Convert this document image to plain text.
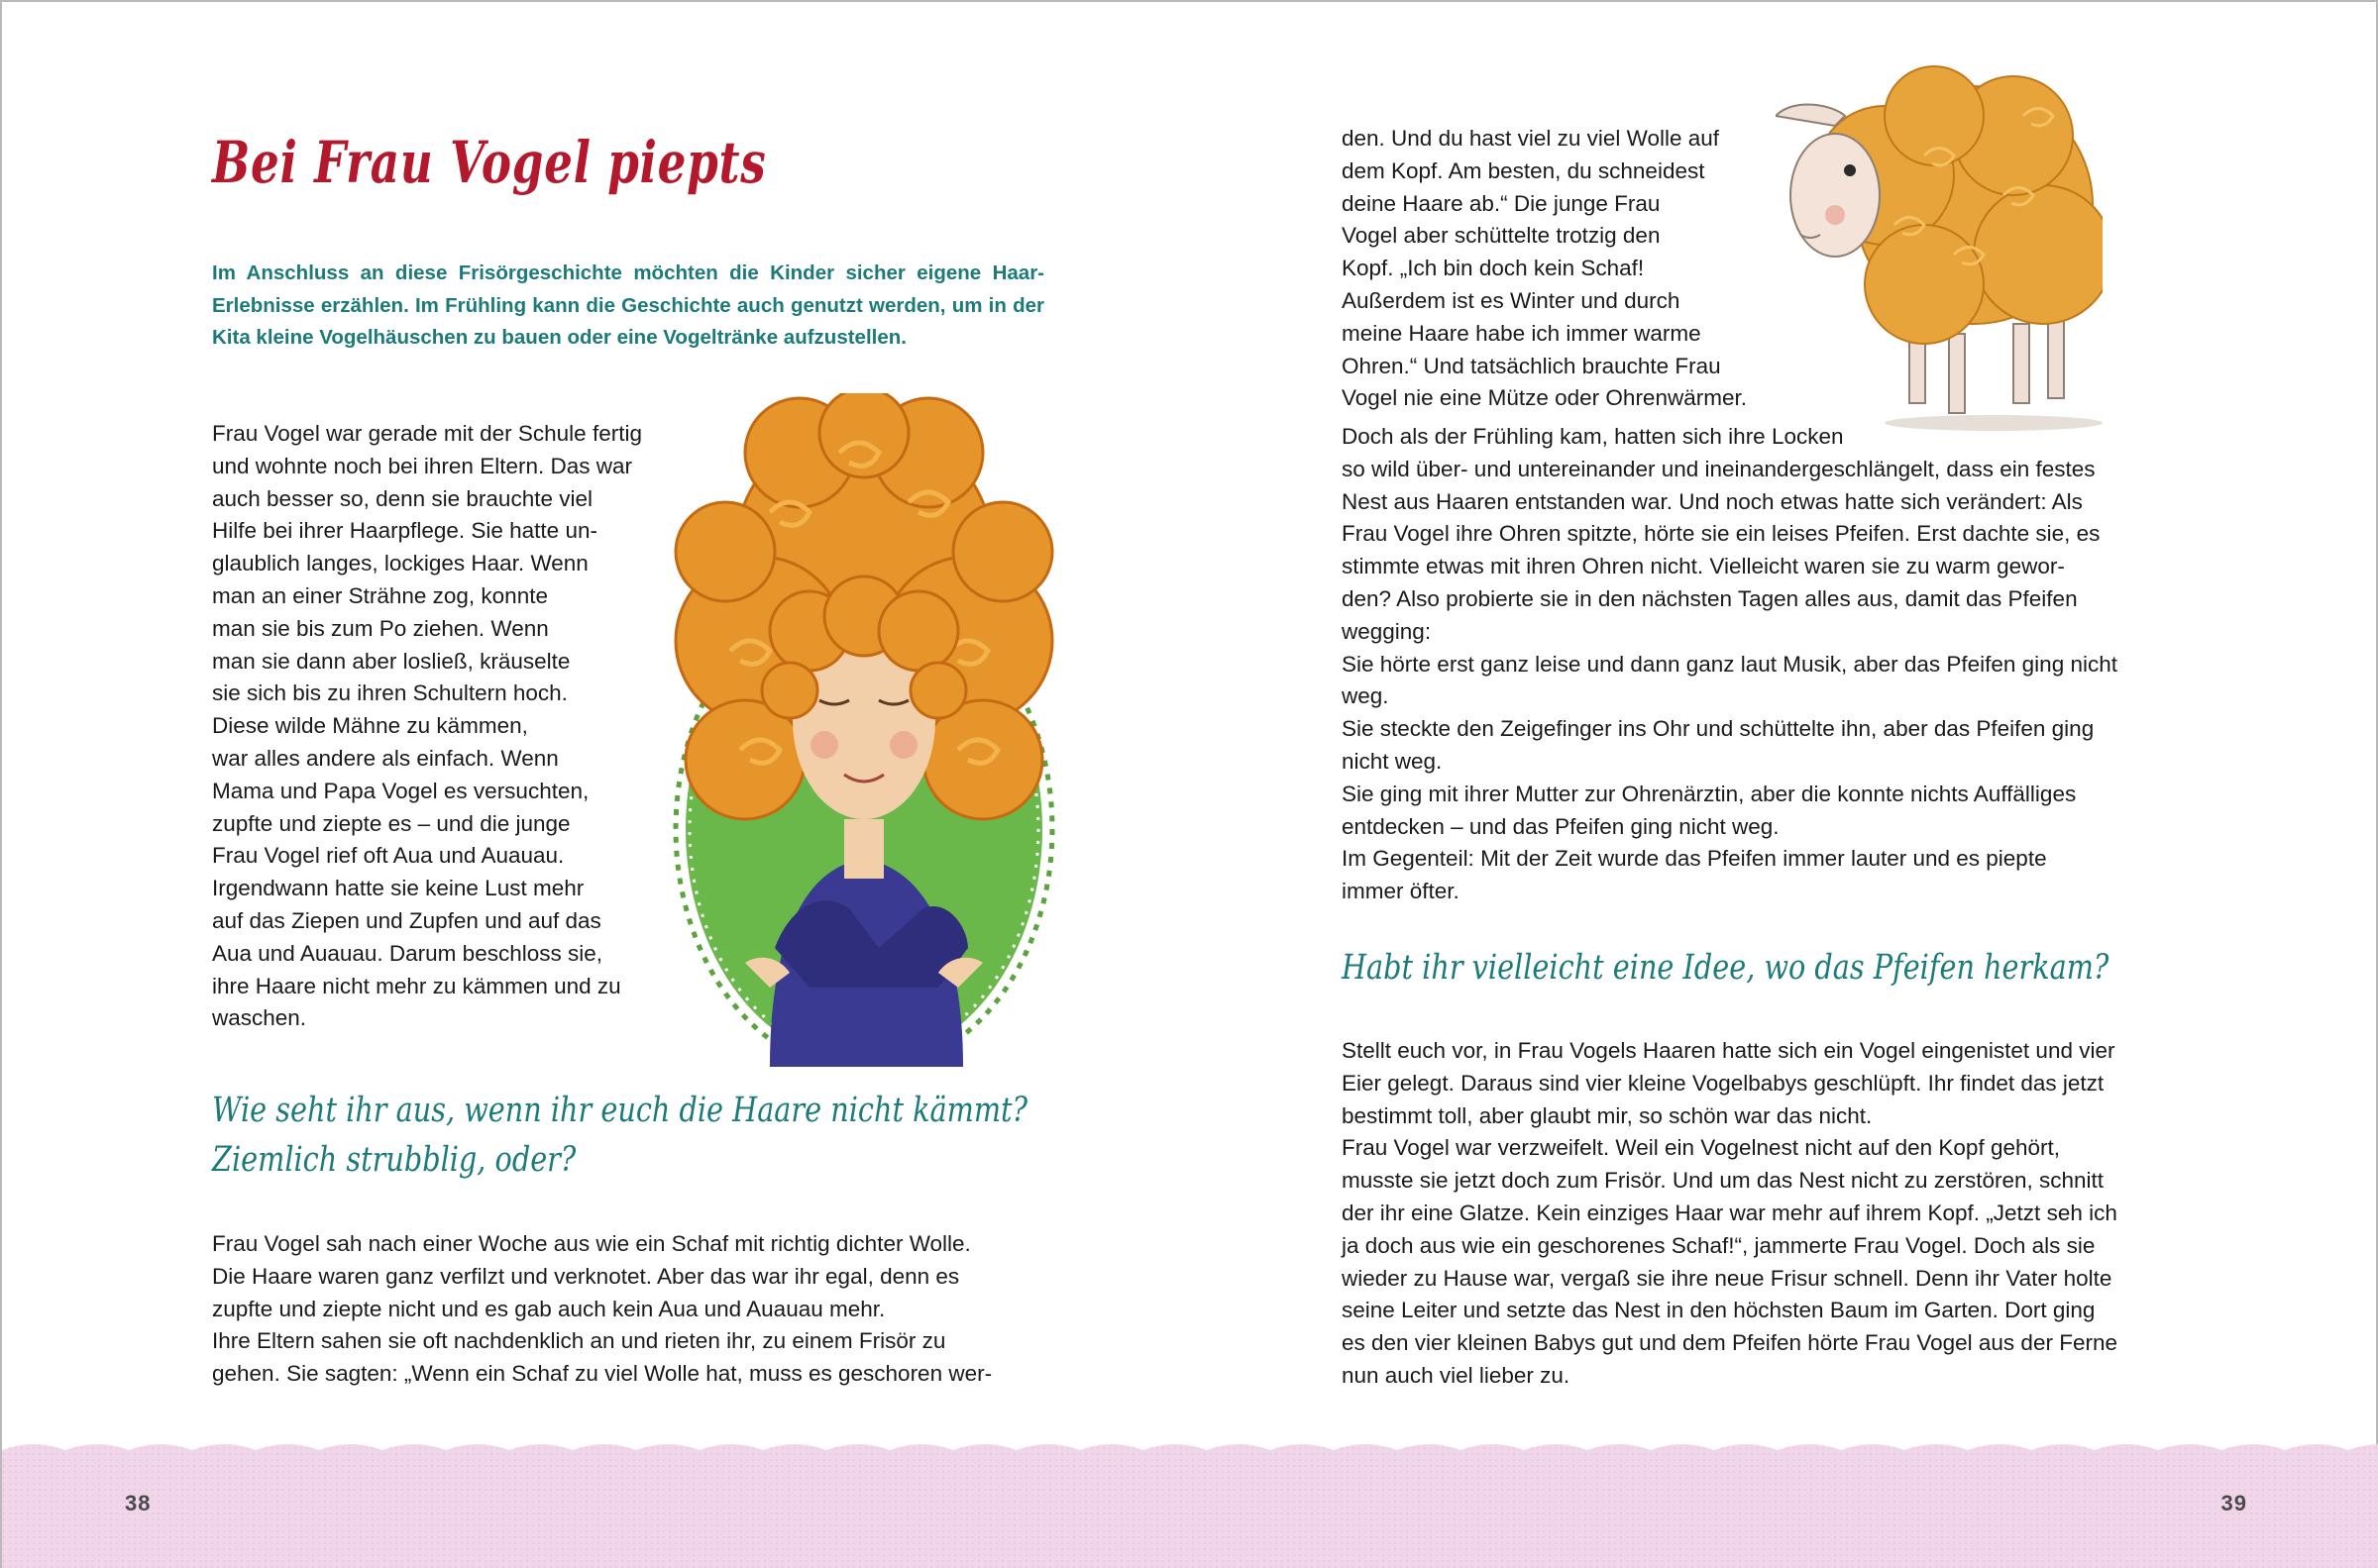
38	39
Bei Frau Vogel piepts
Im Anschluss an diese Frisörgeschichte möchten die Kinder sicher eigene Haar-Erlebnisse erzählen. Im Frühling kann die Geschichte auch genutzt werden, um in der Kita kleine Vogelhäuschen zu bauen oder eine Vogeltränke aufzustellen.

Frau Vogel war gerade mit der Schule fertig

und wohnte noch bei ihren Eltern. Das war

auch besser so, denn sie brauchte viel

Hilfe bei ihrer Haarpflege. Sie hatte un-

glaublich langes, lockiges Haar. Wenn

man an einer Strähne zog, konnte

man sie bis zum Po ziehen. Wenn

man sie dann aber losließ, kräuselte

sie sich bis zu ihren Schultern hoch.

Diese wilde Mähne zu kämmen,

war alles andere als einfach. Wenn

Mama und Papa Vogel es versuchten,

zupfte und ziepte es – und die junge

Frau Vogel rief oft Aua und Auauau.

Irgendwann hatte sie keine Lust mehr

auf das Ziepen und Zupfen und auf das

Aua und Auauau. Darum beschloss sie,

ihre Haare nicht mehr zu kämmen und zu

waschen.

Wie seht ihr aus, wenn ihr euch die Haare nicht kämmt?
Ziemlich strubblig, oder?

Frau Vogel sah nach einer Woche aus wie ein Schaf mit richtig dichter Wolle.

Die Haare waren ganz verfilzt und verknotet. Aber das war ihr egal, denn es

zupfte und ziepte nicht und es gab auch kein Aua und Auauau mehr.

Ihre Eltern sahen sie oft nachdenklich an und rieten ihr, zu einem Frisör zu

gehen. Sie sagten: „Wenn ein Schaf zu viel Wolle hat, muss es geschoren wer-

den. Und du hast viel zu viel Wolle auf

dem Kopf. Am besten, du schneidest

deine Haare ab.“ Die junge Frau

Vogel aber schüttelte trotzig den

Kopf. „Ich bin doch kein Schaf!

Außerdem ist es Winter und durch

meine Haare habe ich immer warme

Ohren.“ Und tatsächlich brauchte Frau

Vogel nie eine Mütze oder Ohrenwärmer.

Doch als der Frühling kam, hatten sich ihre Locken

so wild über- und untereinander und ineinandergeschlängelt, dass ein festes

Nest aus Haaren entstanden war. Und noch etwas hatte sich verändert: Als

Frau Vogel ihre Ohren spitzte, hörte sie ein leises Pfeifen. Erst dachte sie, es

stimmte etwas mit ihren Ohren nicht. Vielleicht waren sie zu warm gewor-

den? Also probierte sie in den nächsten Tagen alles aus, damit das Pfeifen

wegging:

Sie hörte erst ganz leise und dann ganz laut Musik, aber das Pfeifen ging nicht

weg.

Sie steckte den Zeigefinger ins Ohr und schüttelte ihn, aber das Pfeifen ging

nicht weg.

Sie ging mit ihrer Mutter zur Ohrenärztin, aber die konnte nichts Auffälliges

entdecken – und das Pfeifen ging nicht weg.

Im Gegenteil: Mit der Zeit wurde das Pfeifen immer lauter und es piepte

immer öfter.

Habt ihr vielleicht eine Idee, wo das Pfeifen herkam?

Stellt euch vor, in Frau Vogels Haaren hatte sich ein Vogel eingenistet und vier

Eier gelegt. Daraus sind vier kleine Vogelbabys geschlüpft. Ihr findet das jetzt

bestimmt toll, aber glaubt mir, so schön war das nicht.

Frau Vogel war verzweifelt. Weil ein Vogelnest nicht auf den Kopf gehört,

musste sie jetzt doch zum Frisör. Und um das Nest nicht zu zerstören, schnitt

der ihr eine Glatze. Kein einziges Haar war mehr auf ihrem Kopf. „Jetzt seh ich

ja doch aus wie ein geschorenes Schaf!“, jammerte Frau Vogel. Doch als sie

wieder zu Hause war, vergaß sie ihre neue Frisur schnell. Denn ihr Vater holte

seine Leiter und setzte das Nest in den höchsten Baum im Garten. Dort ging

es den vier kleinen Babys gut und dem Pfeifen hörte Frau Vogel aus der Ferne

nun auch viel lieber zu.
